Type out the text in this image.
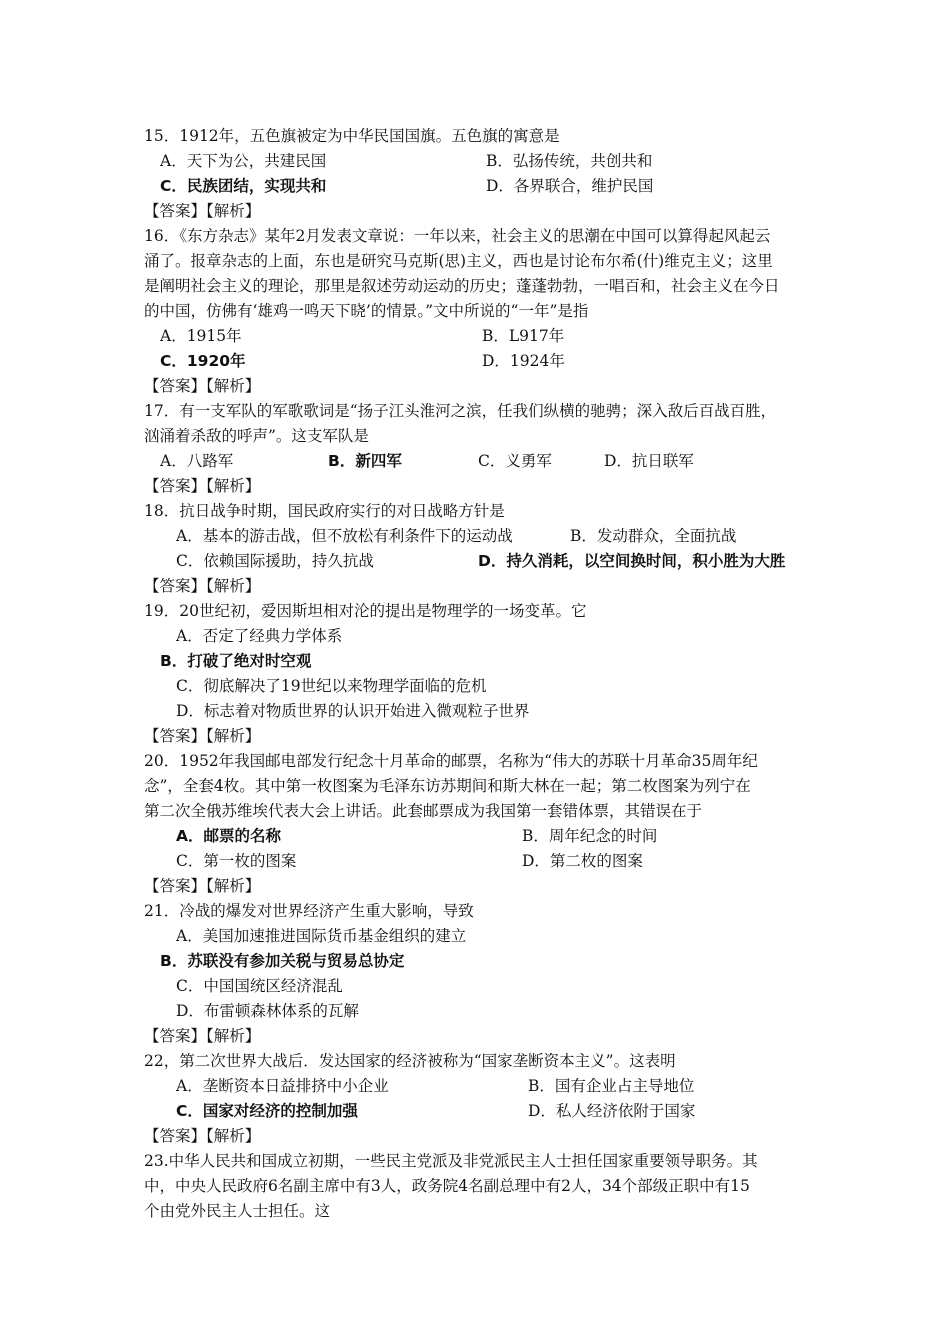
15．1912年，五色旗被定为中华民国国旗。五色旗的寓意是
A．天下为公，共建民国	B．弘扬传统，共创共和
C．民族团结，实现共和	D．各界联合，维护民国
【答案】【解析】
16．《东方杂志》某年2月发表文章说：一年以来，社会主义的思潮在中国可以算得起风起云
涌了。报章杂志的上面，东也是研究马克斯(思)主义，西也是讨论布尔希(什)维克主义；这里
是阐明社会主义的理论，那里是叙述劳动运动的历史；蓬蓬勃勃，一唱百和，社会主义在今日
的中国，仿佛有‘雄鸡一鸣天下晓’的情景。”文中所说的“一年”是指
A．1915年	B．L917年
C．1920年	D．1924年
【答案】【解析】
17．有一支军队的军歌歌词是“扬子江头淮河之滨，任我们纵横的驰骋；深入敌后百战百胜，
汹涌着杀敌的呼声”。这支军队是
A．八路军	B．新四军	C．义勇军	D．抗日联军
【答案】【解析】
18．抗日战争时期，国民政府实行的对日战略方针是
A．基本的游击战，但不放松有利条件下的运动战	B．发动群众，全面抗战
C．依赖国际援助，持久抗战	D．持久消耗，以空间换时间，积小胜为大胜
【答案】【解析】
19．20世纪初，爱因斯坦相对沦的提出是物理学的一场变革。它
A．否定了经典力学体系
B．打破了绝对时空观
C．彻底解决了19世纪以来物理学面临的危机
D．标志着对物质世界的认识开始进入微观粒子世界
【答案】【解析】
20．1952年我国邮电部发行纪念十月革命的邮票，名称为“伟大的苏联十月革命35周年纪
念”，全套4枚。其中第一枚图案为毛泽东访苏期间和斯大林在一起；第二枚图案为列宁在
第二次全俄苏维埃代表大会上讲话。此套邮票成为我国第一套错体票，其错误在于
A．邮票的名称	B．周年纪念的时间
C．第一枚的图案	D．第二枚的图案
【答案】【解析】
21．冷战的爆发对世界经济产生重大影响，导致
A．美国加速推进国际货币基金组织的建立
B．苏联没有参加关税与贸易总协定
C．中国国统区经济混乱
D．布雷顿森林体系的瓦解
【答案】【解析】
22，第二次世界大战后．发达国家的经济被称为“国家垄断资本主义”。这表明
A．垄断资本日益排挤中小企业	B．国有企业占主导地位
C．国家对经济的控制加强	D．私人经济依附于国家
【答案】【解析】
23.中华人民共和国成立初期，一些民主党派及非党派民主人士担任国家重要领导职务。其
中，中央人民政府6名副主席中有3人，政务院4名副总理中有2人，34个部级正职中有15
个由党外民主人士担任。这
